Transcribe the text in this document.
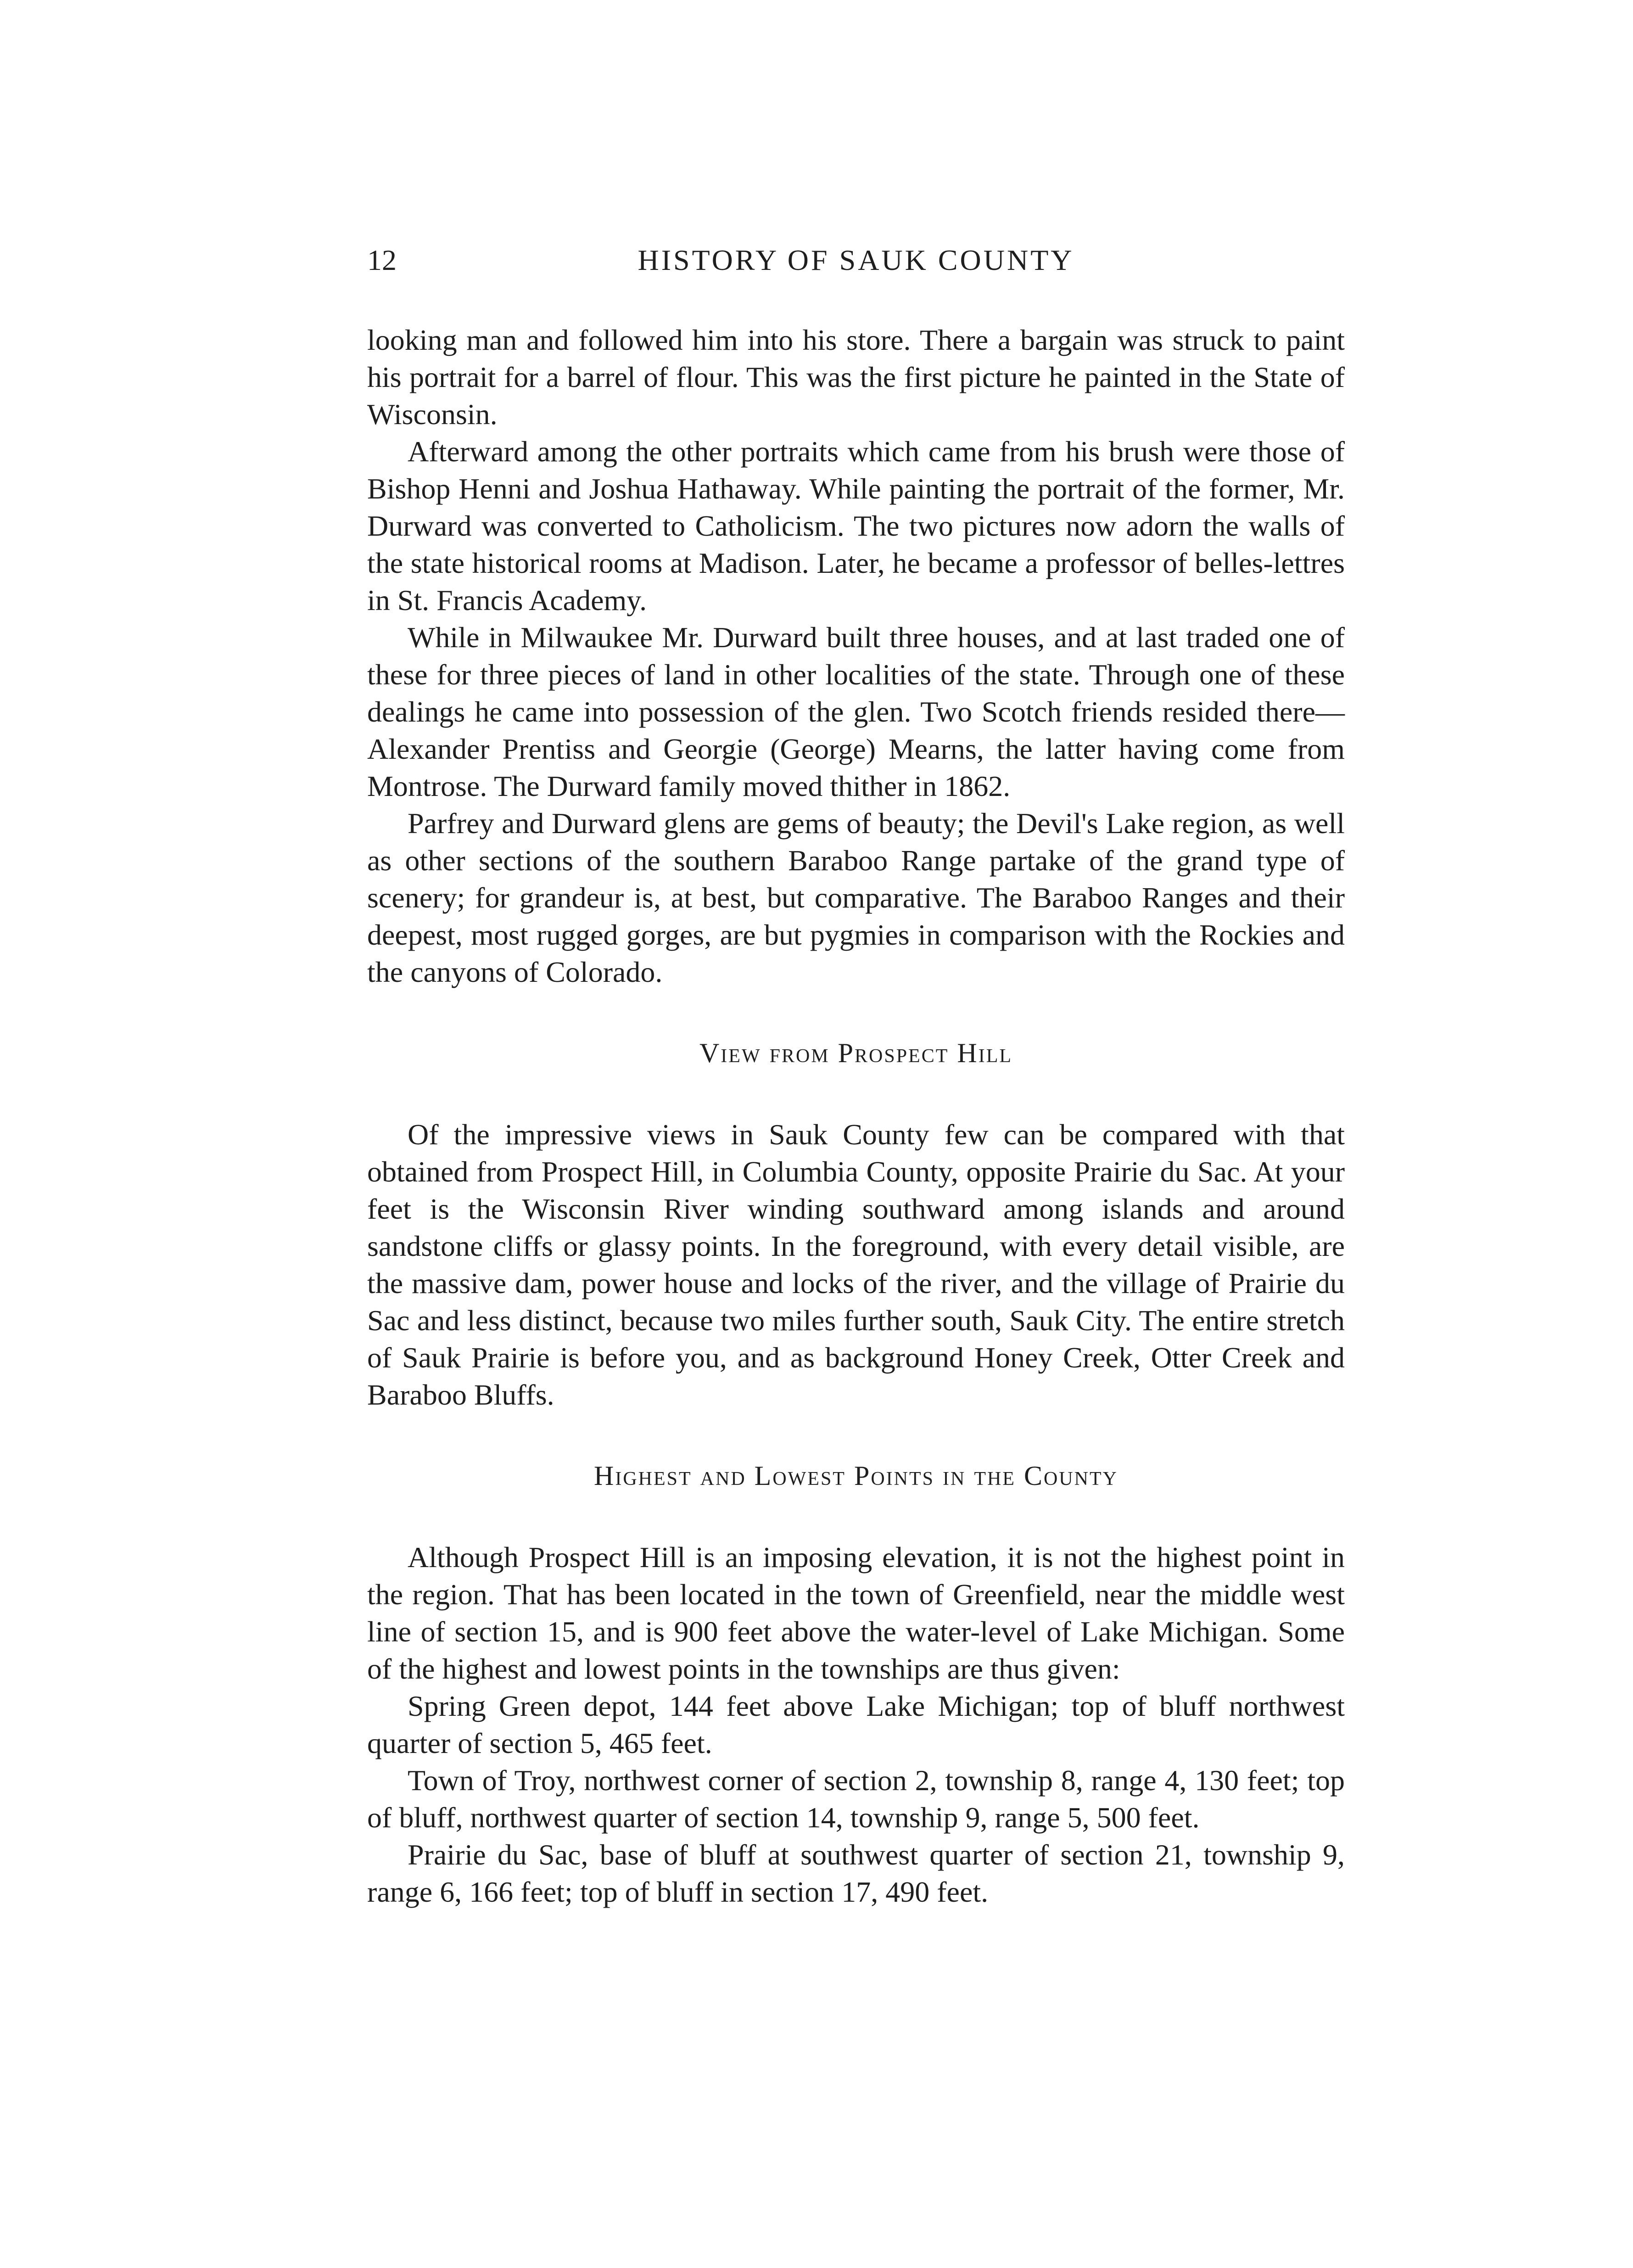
12	HISTORY OF SAUK COUNTY

looking man and followed him into his store. There a bargain was struck to paint his portrait for a barrel of flour. This was the first picture he painted in the State of Wisconsin.

Afterward among the other portraits which came from his brush were those of Bishop Henni and Joshua Hathaway. While painting the portrait of the former, Mr. Durward was converted to Catholicism. The two pictures now adorn the walls of the state historical rooms at Madison. Later, he became a professor of belles-lettres in St. Francis Academy.

While in Milwaukee Mr. Durward built three houses, and at last traded one of these for three pieces of land in other localities of the state. Through one of these dealings he came into possession of the glen. Two Scotch friends resided there—Alexander Prentiss and Georgie (George) Mearns, the latter having come from Montrose. The Durward family moved thither in 1862.

Parfrey and Durward glens are gems of beauty; the Devil's Lake region, as well as other sections of the southern Baraboo Range partake of the grand type of scenery; for grandeur is, at best, but comparative. The Baraboo Ranges and their deepest, most rugged gorges, are but pygmies in comparison with the Rockies and the canyons of Colorado.

View from Prospect Hill

Of the impressive views in Sauk County few can be compared with that obtained from Prospect Hill, in Columbia County, opposite Prairie du Sac. At your feet is the Wisconsin River winding southward among islands and around sandstone cliffs or glassy points. In the foreground, with every detail visible, are the massive dam, power house and locks of the river, and the village of Prairie du Sac and less distinct, because two miles further south, Sauk City. The entire stretch of Sauk Prairie is before you, and as background Honey Creek, Otter Creek and Baraboo Bluffs.

Highest and Lowest Points in the County

Although Prospect Hill is an imposing elevation, it is not the highest point in the region. That has been located in the town of Greenfield, near the middle west line of section 15, and is 900 feet above the water-level of Lake Michigan. Some of the highest and lowest points in the townships are thus given:

Spring Green depot, 144 feet above Lake Michigan; top of bluff northwest quarter of section 5, 465 feet.

Town of Troy, northwest corner of section 2, township 8, range 4, 130 feet; top of bluff, northwest quarter of section 14, township 9, range 5, 500 feet.

Prairie du Sac, base of bluff at southwest quarter of section 21, township 9, range 6, 166 feet; top of bluff in section 17, 490 feet.
